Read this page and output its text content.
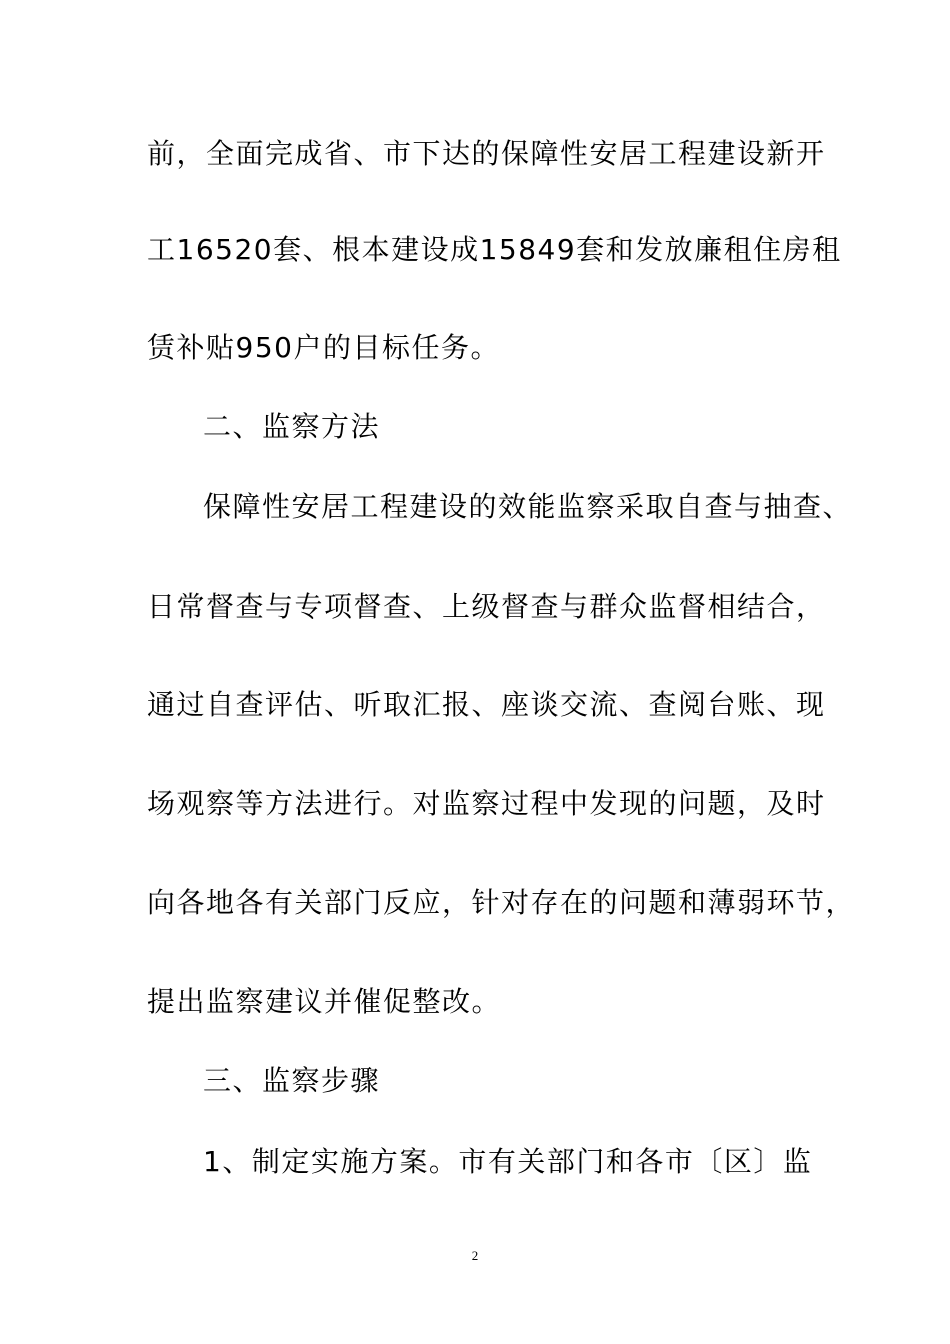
前，全面完成省、市下达的保障性安居工程建设新开
工16520套、根本建设成15849套和发放廉租住房租
赁补贴950户的目标任务。
二、监察方法
保障性安居工程建设的效能监察采取自查与抽查、
日常督查与专项督查、上级督查与群众监督相结合，
通过自查评估、听取汇报、座谈交流、查阅台账、现
场观察等方法进行。对监察过程中发现的问题，及时
向各地各有关部门反应，针对存在的问题和薄弱环节，
提出监察建议并催促整改。
三、监察步骤
1、制定实施方案。市有关部门和各市〔区〕监
2
